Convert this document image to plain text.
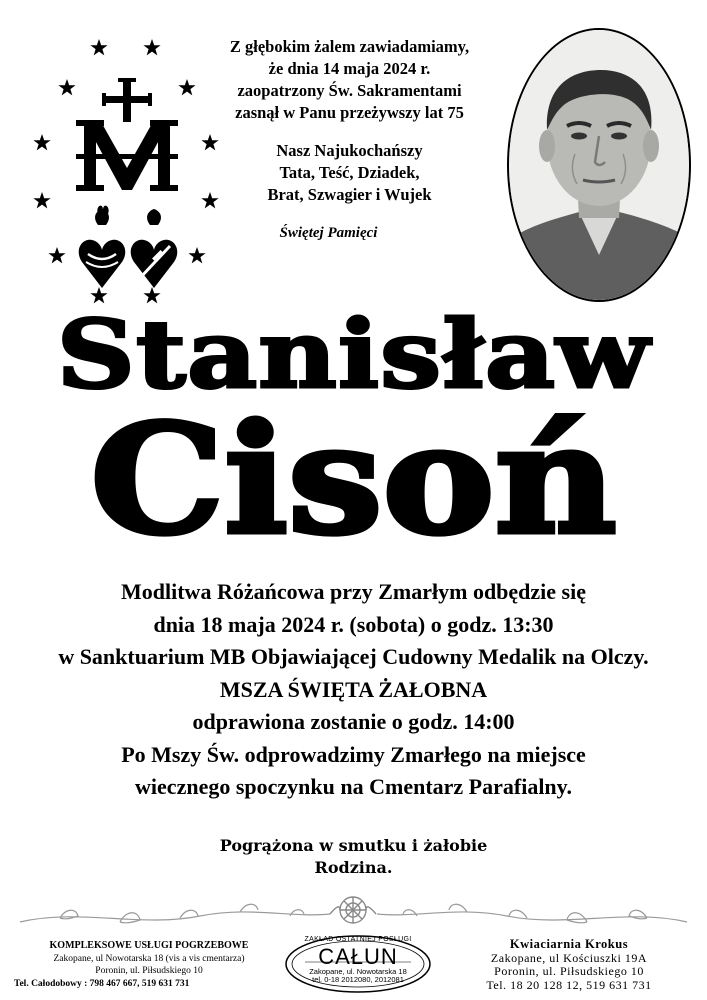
Z głębokim żalem zawiadamiamy,
że dnia 14 maja 2024 r.
zaopatrzony Św. Sakramentami
zasnął w Panu przeżywszy lat 75
Nasz Najukochańszy
Tata, Teść, Dziadek,
Brat, Szwagier i Wujek
Świętej Pamięci
Stanisław
Cisoń
Modlitwa Różańcowa przy Zmarłym odbędzie się
dnia 18 maja 2024 r. (sobota) o godz. 13:30
w Sanktuarium MB Objawiającej Cudowny Medalik na Olczy.
MSZA ŚWIĘTA ŻAŁOBNA
odprawiona zostanie o godz. 14:00
Po Mszy Św. odprowadzimy Zmarłego na miejsce
wiecznego spoczynku na Cmentarz Parafialny.
Pogrążona w smutku i żałobie
Rodzina.
KOMPLEKSOWE USŁUGI POGRZEBOWE
Zakopane, ul Nowotarska 18 (vis a vis cmentarza)
Poronin, ul. Piłsudskiego 10
Tel. Całodobowy : 798 467 667, 519 631 731
ZAKŁAD OSTATNIEJ POSŁUGI
CAŁUN
Zakopane, ul. Nowotarska 18
tel. 0-18 2012080, 2012081
Kwiaciarnia Krokus
Zakopane, ul Kościuszki 19A
Poronin, ul. Piłsudskiego 10
Tel. 18 20 128 12, 519 631 731
